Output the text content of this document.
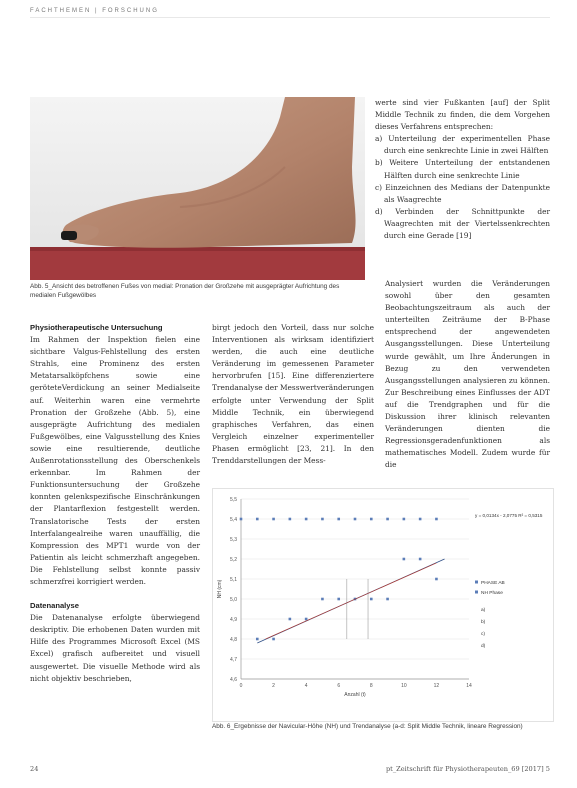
FACHTHEMEN | FORSCHUNG
Abb. 5_Ansicht des betroffenen Fußes von medial: Pronation der Großzehe mit ausgeprägter Aufrichtung des medialen Fußgewölbes

werte sind vier Fußkanten [auf] der Split Middle Technik zu finden, die dem Vorgehen dieses Verfahrens entsprechen:

a) Unterteilung der experimentellen Phase durch eine senkrechte Linie in zwei Hälften
b) Weitere Unterteilung der entstandenen Hälften durch eine senkrechte Linie
c) Einzeichnen des Medians der Datenpunkte als Waagrechte
d) Verbinden der Schnittpunkte der Waagrechten mit der Viertelssenkrechten durch eine Gerade [19]

Physiotherapeutische Untersuchung

Im Rahmen der Inspektion fielen eine sichtbare Valgus-Fehlstellung des ersten Strahls, eine Prominenz des ersten Metatarsalköpfchens sowie eine geröteteVerdickung an seiner Medialseite auf. Weiterhin waren eine vermehrte Pronation der Großzehe (Abb. 5), eine ausgeprägte Aufrichtung des medialen Fußgewölbes, eine Valgusstellung des Knies sowie eine resultierende, deutliche Außenrotationsstellung des Oberschenkels erkennbar. Im Rahmen der Funktionsuntersuchung der Großzehe konnten gelenkspezifische Einschränkungen der Plantarflexion festgestellt werden. Translatorische Tests der ersten Interfalangealreihe waren unauffällig, die Kompression des MPT1 wurde von der Patientin als leicht schmerzhaft angegeben. Die Fehlstellung selbst konnte passiv schmerzfrei korrigiert werden.

Datenanalyse

Die Datenanalyse erfolgte überwiegend deskriptiv. Die erhobenen Daten wurden mit Hilfe des Programmes Microsoft Excel (MS Excel) grafisch aufbereitet und visuell ausgewertet. Die visuelle Methode wird als nicht objektiv beschrieben,

birgt jedoch den Vorteil, dass nur solche Interventionen als wirksam identifiziert werden, die auch eine deutliche Veränderung im gemessenen Parameter hervorbrufen [15]. Eine differenziertere Trendanalyse der Messwertveränderungen erfolgte unter Verwendung der Split Middle Technik, ein überwiegend graphisches Verfahren, das einen Vergleich einzelner experimenteller Phasen ermöglicht [23, 21]. In den Trenddarstellungen der Mess-

Analysiert wurden die Veränderungen sowohl über den gesamten Beobachtungszeitraum als auch der unterteilten Zeiträume der B-Phase entsprechend der angewendeten Ausgangsstellungen. Diese Unterteilung wurde gewählt, um Ihre Änderungen in Bezug zu den verwendeten Ausgangsstellungen analysieren zu können. Zur Beschreibung eines Einflusses der ADT auf die Trendgraphen und für die Diskussion ihrer klinisch relevanten Veränderungen dienten die Regressionsgeradenfunktionen als mathematisches Modell. Zudem wurde für die

5,5
5,4
5,3
5,2
5,1
5,0
4,9
4,8
4,7
4,6
0	2	4	6	8	10	12	14
Anzahl (t)
NH (cm)
y = 0,0134x - 2,0775 R² = 0,5315
PHASE AB
NH Phase
a)
b)
c)
d)
Abb. 6_Ergebnisse der Navicular-Höhe (NH) und Trendanalyse (a-d: Split Middle Technik, lineare Regression)
24	pt_Zeitschrift für Physiotherapeuten_69 [2017] 5
